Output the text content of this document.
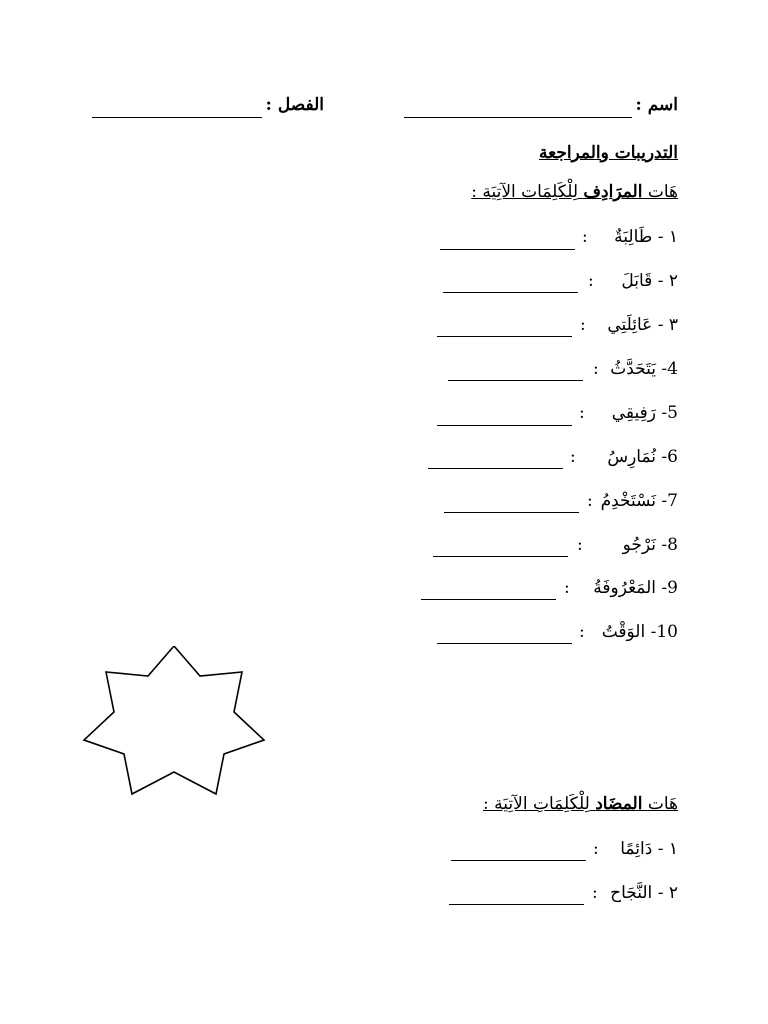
اسم :
الفصل :
التدريبات والمراجعة
هَات المرَادِف لِلْكَلِمَات الآتِيَة :
١ - طَالِبَةٌ
:
٢ - قَابَلَ
:
٣ - عَائِلَتِي
:
4- يَتَحَدَّثُ
:
5- رَفِيقِي
:
6- نُمَارِسُ
:
7- نَسْتَخْدِمُ
:
8- نَرْجُو
:
9- المَعْرُوفَةُ
:
10- الوَقْتُ
:
هَات المضَاد لِلْكَلِمَاتِ الآتِيَة :
١ - دَائِمًا
:
٢ - النَّجَاح
:
